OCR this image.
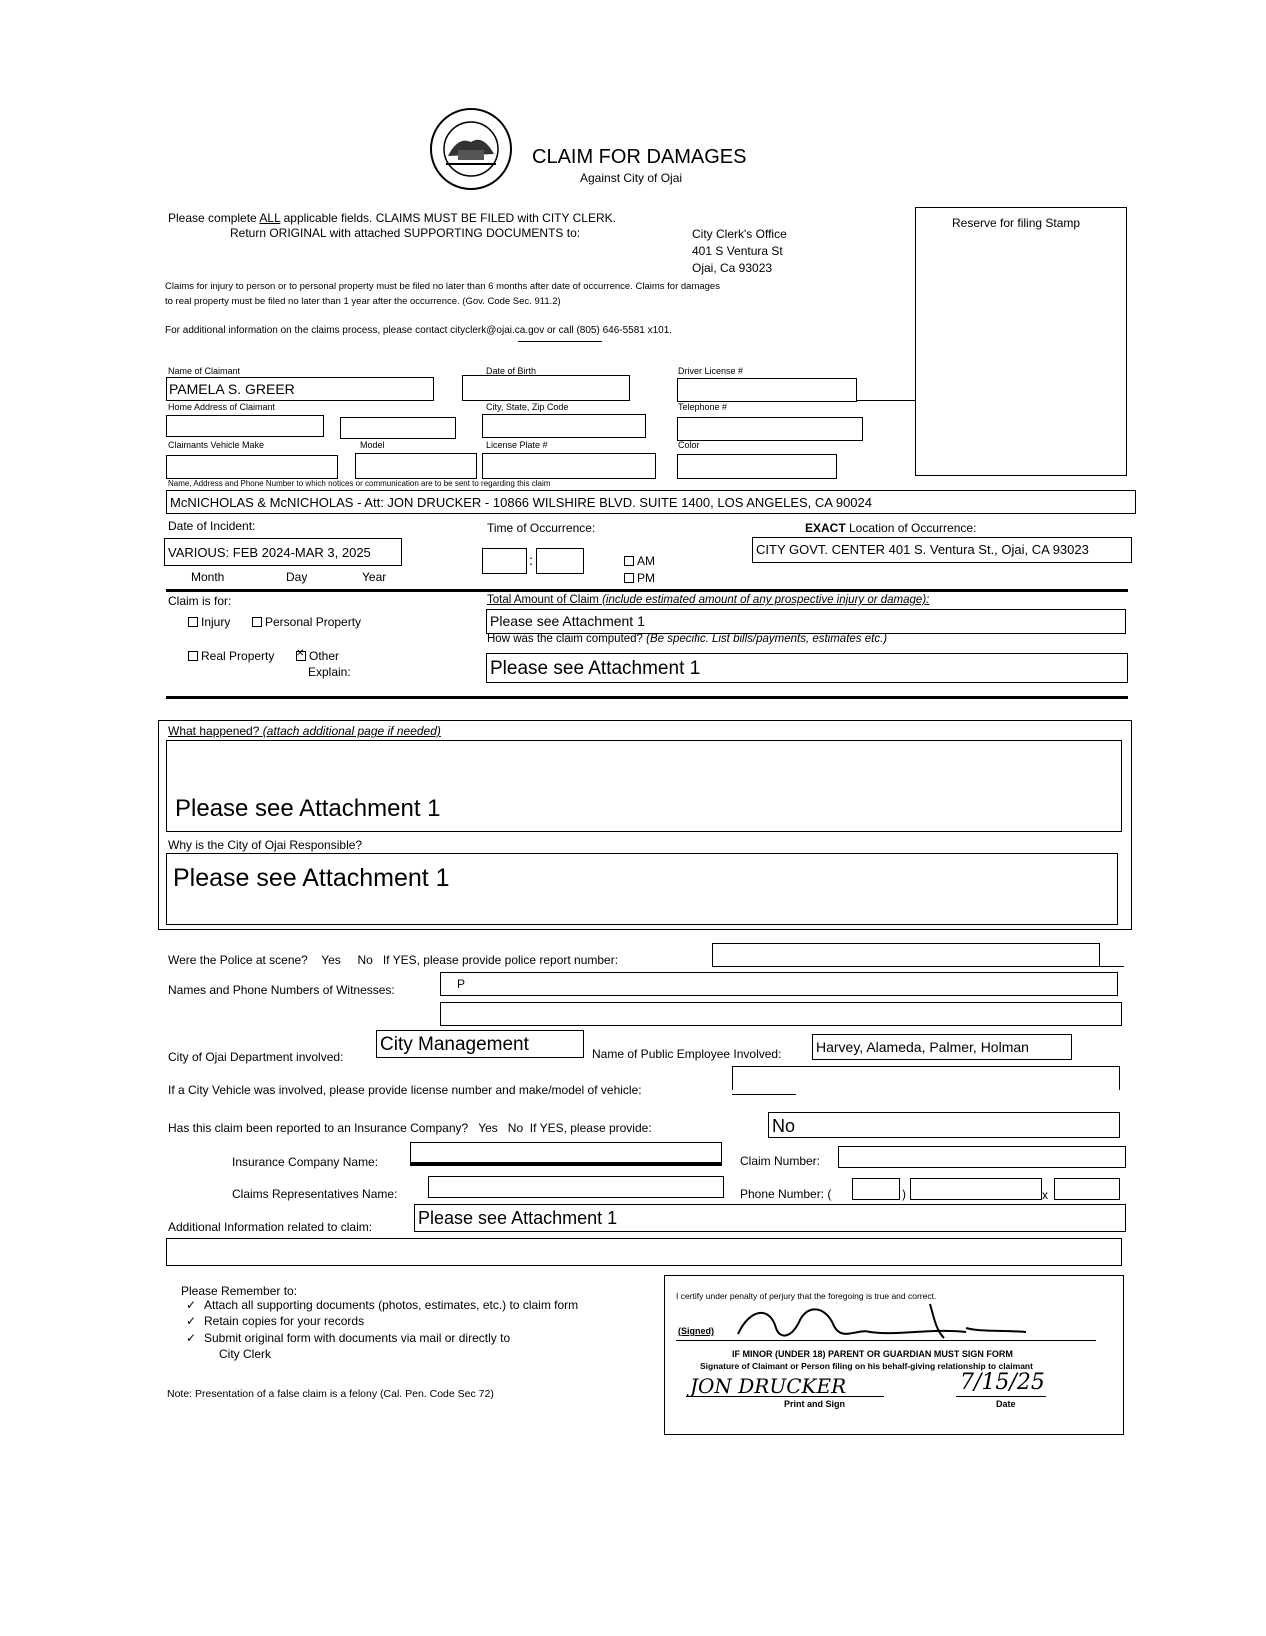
CLAIM FOR DAMAGES
Against City of Ojai
Please complete ALL applicable fields. CLAIMS MUST BE FILED with CITY CLERK.
Return ORIGINAL with attached SUPPORTING DOCUMENTS to:	City Clerk's Office
401 S Ventura St
Ojai, Ca 93023
Claims for injury to person or to personal property must be filed no later than 6 months after date of occurrence. Claims for damages
to real property must be filed no later than 1 year after the occurrence. (Gov. Code Sec. 911.2)
For additional information on the claims process, please contact cityclerk@ojai.ca.gov or call (805) 646-5581 x101.
Reserve for filing Stamp
Name of Claimant
PAMELA S. GREER
Date of Birth	Driver License #
Home Address of Claimant	City, State, Zip Code	Telephone #
Claimants Vehicle Make	Model	License Plate #	Color
Name, Address and Phone Number to which notices or communication are to be sent to regarding this claim
McNICHOLAS & McNICHOLAS - Att: JON DRUCKER - 10866 WILSHIRE BLVD. SUITE 1400, LOS ANGELES, CA 90024
Date of Incident:
VARIOUS: FEB 2024-MAR 3, 2025
Month	Day	Year
Time of Occurrence:
:	AM
PM
EXACT Location of Occurrence:
CITY GOVT. CENTER 401 S. Ventura St., Ojai, CA 93023
Claim is for:
Injury	Personal Property
Real Property
✕	Other
Explain:
Total Amount of Claim (include estimated amount of any prospective injury or damage):
Please see Attachment 1
How was the claim computed? (Be specific. List bills/payments, estimates etc.)
Please see Attachment 1
What happened? (attach additional page if needed)
Please see Attachment 1
Why is the City of Ojai Responsible?
Please see Attachment 1
Were the Police at scene? Yes No If YES, please provide police report number:
Names and Phone Numbers of Witnesses:	P
City of Ojai Department involved:
City Management	Name of Public Employee Involved: Harvey, Alameda, Palmer, Holman
If a City Vehicle was involved, please provide license number and make/model of vehicle:
Has this claim been reported to an Insurance Company? Yes No If YES, please provide:	No
Insurance Company Name:	Claim Number:
Claims Representatives Name:	Phone Number: (	)	x
Additional Information related to claim:	Please see Attachment 1
Please Remember to:
✓ Attach all supporting documents (photos, estimates, etc.) to claim form
✓ Retain copies for your records
✓ Submit original form with documents via mail or directly to
City Clerk
Note: Presentation of a false claim is a felony (Cal. Pen. Code Sec 72)
I certify under penalty of perjury that the foregoing is true and correct.
(Signed)
IF MINOR (UNDER 18) PARENT OR GUARDIAN MUST SIGN FORM
Signature of Claimant or Person filing on his behalf-giving relationship to claimant
JON DRUCKER
Print and Sign
7/15/25
Date
